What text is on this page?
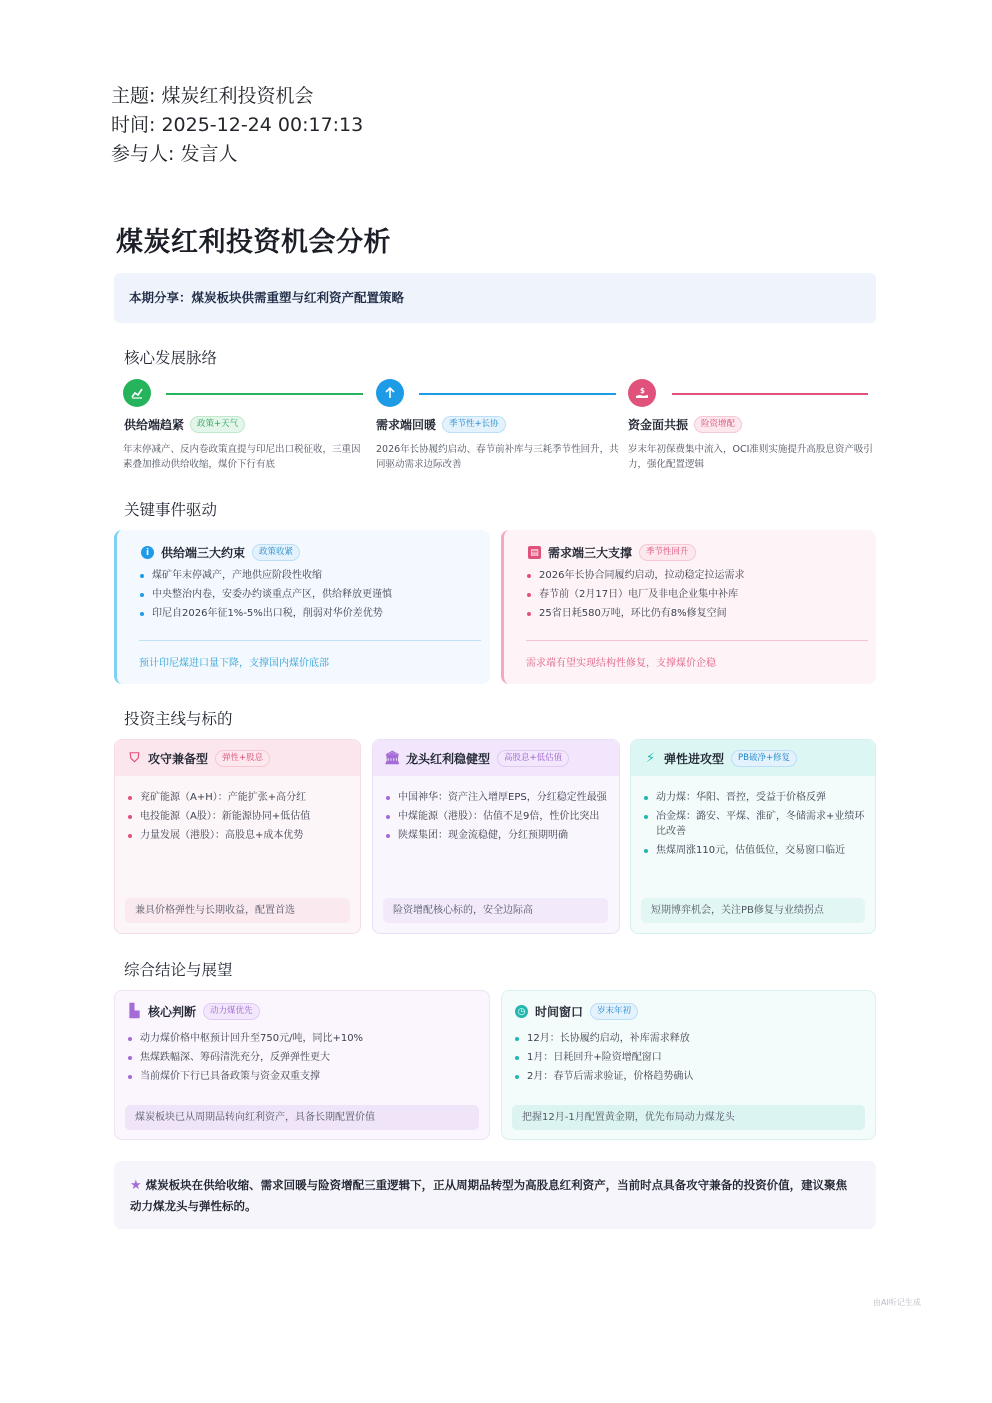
主题: 煤炭红利投资机会
时间: 2025-12-24 00:17:13
参与人: 发言人
煤炭红利投资机会分析
本期分享：煤炭板块供需重塑与红利资产配置策略
核心发展脉络
$
供给端趋紧	政策+天气	需求端回暖	季节性+长协	资金面共振	险资增配
年末停减产、反内卷政策直提与印尼出口税征收，三重因素叠加推动供给收缩，煤价下行有底
2026年长协履约启动、春节前补库与三耗季节性回升，共同驱动需求边际改善
岁末年初保费集中流入，OCI准则实施提升高股息资产吸引力，强化配置逻辑
关键事件驱动
i 供给端三大约束	政策收紧
煤矿年末停减产，产地供应阶段性收缩
中央整治内卷，安委办约谈重点产区，供给释放更谨慎
印尼自2026年征1%-5%出口税，削弱对华价差优势
预计印尼煤进口量下降，支撑国内煤价底部
▤ 需求端三大支撑	季节性回升
2026年长协合同履约启动，拉动稳定拉运需求
春节前（2月17日）电厂及非电企业集中补库
25省日耗580万吨，环比仍有8%修复空间
需求端有望实现结构性修复，支撑煤价企稳
投资主线与标的
⛉ 攻守兼备型	弹性+股息
兖矿能源（A+H）：产能扩张+高分红
电投能源（A股）：新能源协同+低估值
力量发展（港股）：高股息+成本优势
兼具价格弹性与长期收益，配置首选
🏛 龙头红利稳健型	高股息+低估值
中国神华：资产注入增厚EPS，分红稳定性最强
中煤能源（港股）：估值不足9倍，性价比突出
陕煤集团：现金流稳健，分红预期明确
险资增配核心标的，安全边际高
⚡ 弹性进攻型	PB破净+修复
动力煤：华阳、晋控，受益于价格反弹
冶金煤：潞安、平煤、淮矿，冬储需求+业绩环比改善
焦煤周涨110元，估值低位，交易窗口临近
短期博弈机会，关注PB修复与业绩拐点
综合结论与展望
▙ 核心判断	动力煤优先
动力煤价格中枢预计回升至750元/吨，同比+10%
焦煤跌幅深、筹码清洗充分，反弹弹性更大
当前煤价下行已具备政策与资金双重支撑
煤炭板块已从周期品转向红利资产，具备长期配置价值
◷ 时间窗口	岁末年初
12月：长协履约启动，补库需求释放
1月：日耗回升+险资增配窗口
2月：春节后需求验证，价格趋势确认
把握12月-1月配置黄金期，优先布局动力煤龙头
★ 煤炭板块在供给收缩、需求回暖与险资增配三重逻辑下，正从周期品转型为高股息红利资产，当前时点具备攻守兼备的投资价值，建议聚焦动力煤龙头与弹性标的。
由AI听记生成
